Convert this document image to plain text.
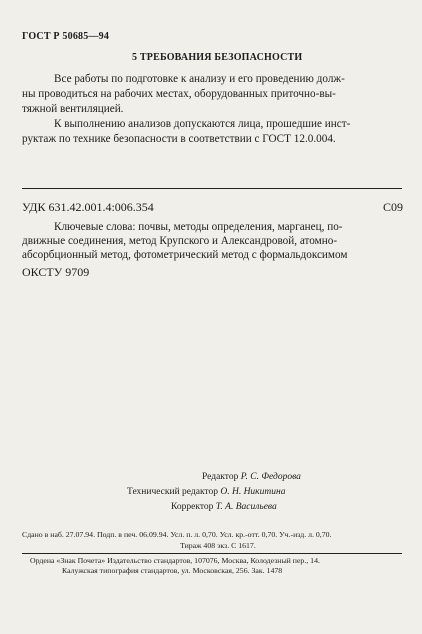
ГОСТ Р 50685—94
5 ТРЕБОВАНИЯ БЕЗОПАСНОСТИ
Все работы по подготовке к анализу и его проведению долж-
ны проводиться на рабочих местах, оборудованных приточно-вы-
тяжной вентиляцией.
К выполнению анализов допускаются лица, прошедшие инст-
руктаж по технике безопасности в соответствии с ГОСТ 12.0.004.
УДК 631.42.001.4:006.354	С09
Ключевые слова: почвы, методы определения, марганец, по-
движные соединения, метод Крупского и Александровой, атомно-
абсорбционный метод, фотометрический метод с формальдоксимом
ОКСТУ 9709
Редактор Р. С. Федорова
Технический редактор О. Н. Никитина
Корректор Т. А. Васильева
Сдано в наб. 27.07.94. Подп. в печ. 06.09.94. Усл. п. л. 0,70. Усл. кр.-отт. 0,70. Уч.-изд. л. 0,70.
Тираж 408 экз. С 1617.
Ордена «Знак Почета» Издательство стандартов, 107076, Москва, Колодезный пер., 14.
Калужская типография стандартов, ул. Московская, 256. Зак. 1478
